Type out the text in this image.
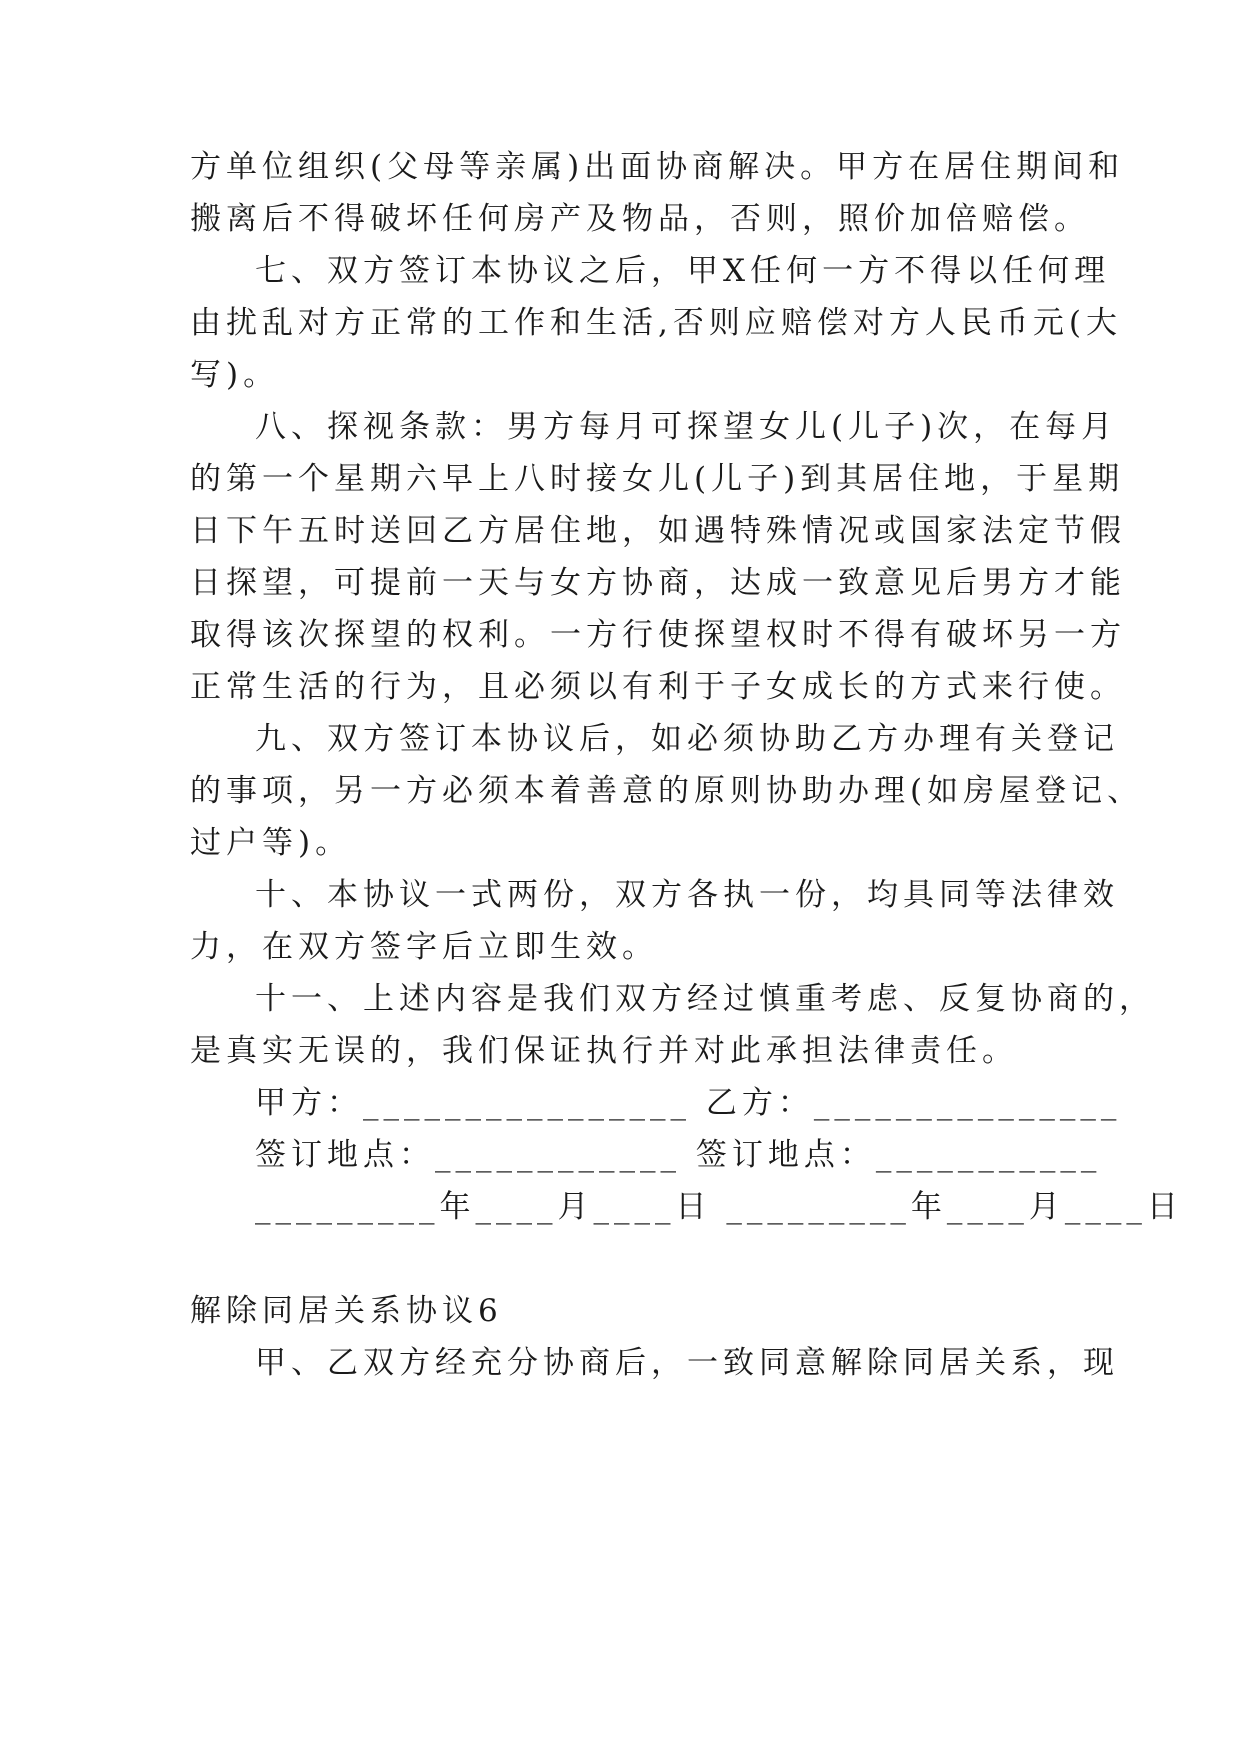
方单位组织(父母等亲属)出面协商解决。甲方在居住期间和
搬离后不得破坏任何房产及物品，否则，照价加倍赔偿。
七、双方签订本协议之后，甲X任何一方不得以任何理
由扰乱对方正常的工作和生活,否则应赔偿对方人民币元(大
写)。
八、探视条款：男方每月可探望女儿(儿子)次，在每月
的第一个星期六早上八时接女儿(儿子)到其居住地，于星期
日下午五时送回乙方居住地，如遇特殊情况或国家法定节假
日探望，可提前一天与女方协商，达成一致意见后男方才能
取得该次探望的权利。一方行使探望权时不得有破坏另一方
正常生活的行为，且必须以有利于子女成长的方式来行使。
九、双方签订本协议后，如必须协助乙方办理有关登记
的事项，另一方必须本着善意的原则协助办理(如房屋登记、
过户等)。
十、本协议一式两份，双方各执一份，均具同等法律效
力，在双方签字后立即生效。
十一、上述内容是我们双方经过慎重考虑、反复协商的，
是真实无误的，我们保证执行并对此承担法律责任。
甲方：________________ 乙方：_______________
签订地点：____________ 签订地点：___________
_________年____月____日 _________年____月____日
解除同居关系协议6
甲、乙双方经充分协商后，一致同意解除同居关系，现
